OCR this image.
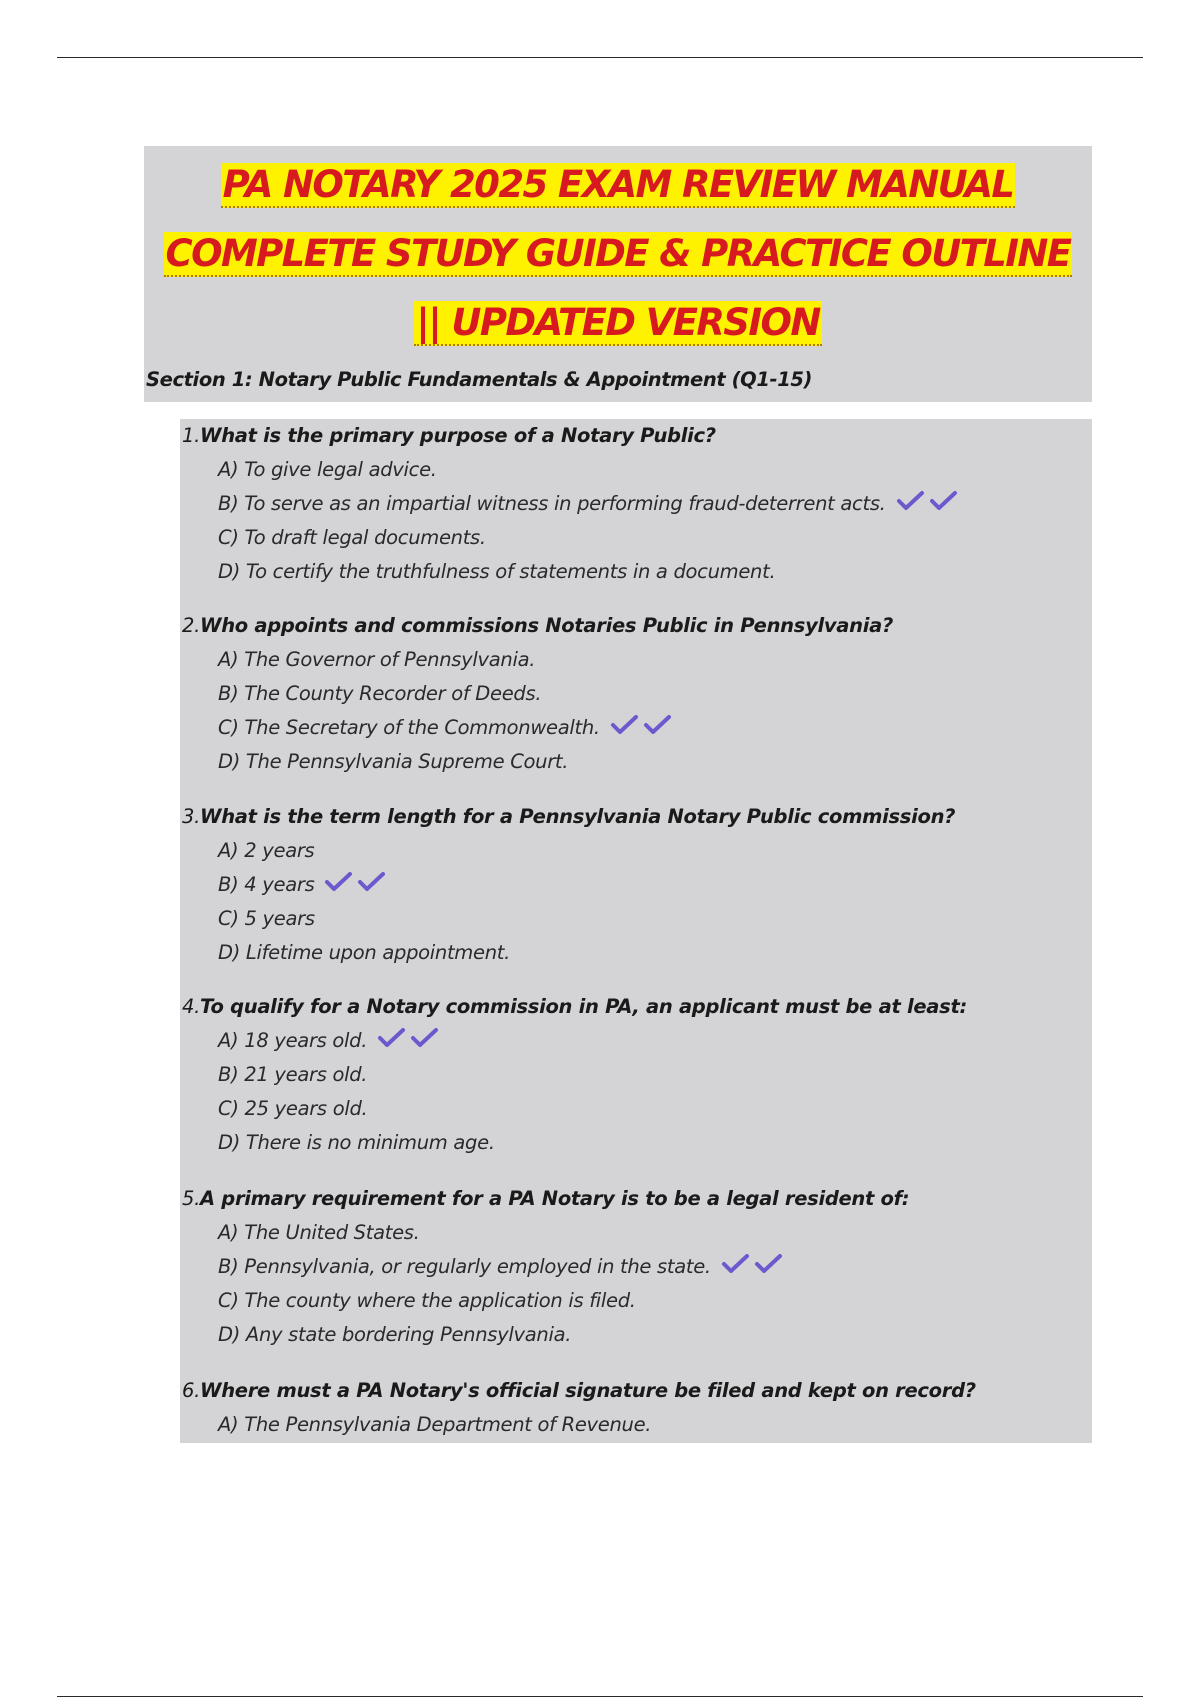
PA NOTARY 2025 EXAM REVIEW MANUAL
COMPLETE STUDY GUIDE & PRACTICE OUTLINE
|| UPDATED VERSION
Section 1: Notary Public Fundamentals & Appointment (Q1-15)
1.What is the primary purpose of a Notary Public?
A) To give legal advice.
B) To serve as an impartial witness in performing fraud-deterrent acts.
C) To draft legal documents.
D) To certify the truthfulness of statements in a document.
2.Who appoints and commissions Notaries Public in Pennsylvania?
A) The Governor of Pennsylvania.
B) The County Recorder of Deeds.
C) The Secretary of the Commonwealth.
D) The Pennsylvania Supreme Court.
3.What is the term length for a Pennsylvania Notary Public commission?
A) 2 years
B) 4 years
C) 5 years
D) Lifetime upon appointment.
4.To qualify for a Notary commission in PA, an applicant must be at least:
A) 18 years old.
B) 21 years old.
C) 25 years old.
D) There is no minimum age.
5.A primary requirement for a PA Notary is to be a legal resident of:
A) The United States.
B) Pennsylvania, or regularly employed in the state.
C) The county where the application is filed.
D) Any state bordering Pennsylvania.
6.Where must a PA Notary's official signature be filed and kept on record?
A) The Pennsylvania Department of Revenue.
